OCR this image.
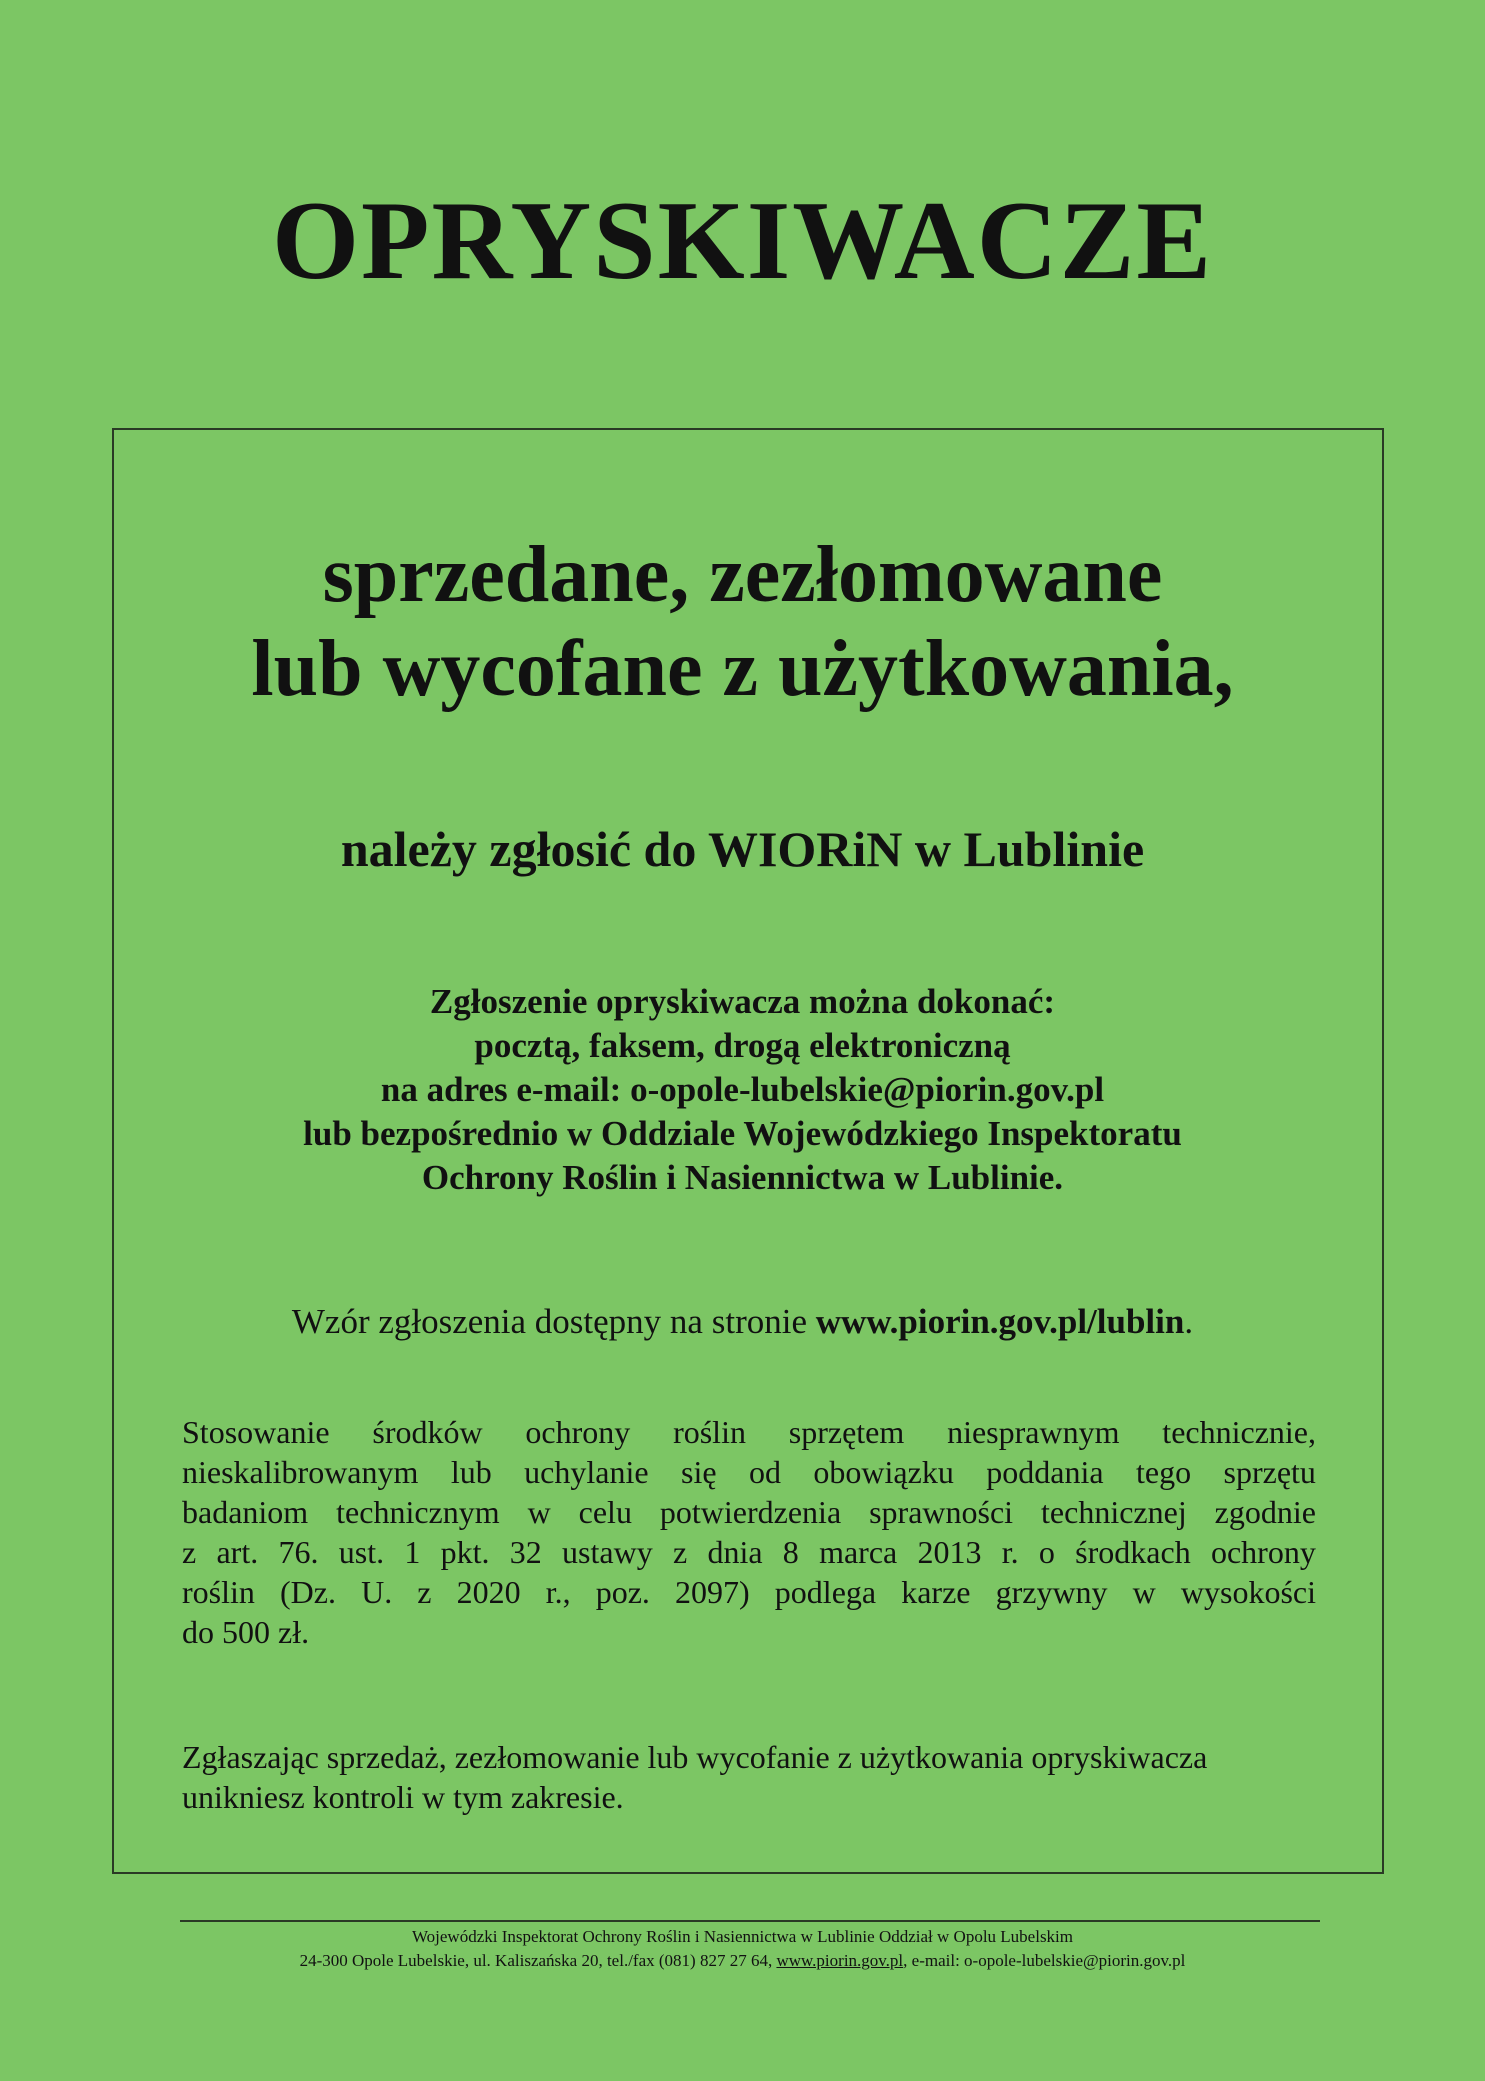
OPRYSKIWACZE
sprzedane, zezłomowane
lub wycofane z użytkowania,
należy zgłosić do WIORiN w Lublinie
Zgłoszenie opryskiwacza można dokonać:
pocztą, faksem, drogą elektroniczną
na adres e-mail: o-opole-lubelskie@piorin.gov.pl
lub bezpośrednio w Oddziale Wojewódzkiego Inspektoratu
Ochrony Roślin i Nasiennictwa w Lublinie.
Wzór zgłoszenia dostępny na stronie www.piorin.gov.pl/lublin.
Stosowanie środków ochrony roślin sprzętem niesprawnym technicznie,
nieskalibrowanym lub uchylanie się od obowiązku poddania tego sprzętu
badaniom technicznym w celu potwierdzenia sprawności technicznej zgodnie
z art. 76. ust. 1 pkt. 32 ustawy z dnia 8 marca 2013 r. o środkach ochrony
roślin (Dz. U. z 2020 r., poz. 2097) podlega karze grzywny w wysokości
do 500 zł.
Zgłaszając sprzedaż, zezłomowanie lub wycofanie z użytkowania opryskiwacza
unikniesz kontroli w tym zakresie.
Wojewódzki Inspektorat Ochrony Roślin i Nasiennictwa w Lublinie Oddział w Opolu Lubelskim
24-300 Opole Lubelskie, ul. Kaliszańska 20, tel./fax (081) 827 27 64, www.piorin.gov.pl, e-mail: o-opole-lubelskie@piorin.gov.pl
